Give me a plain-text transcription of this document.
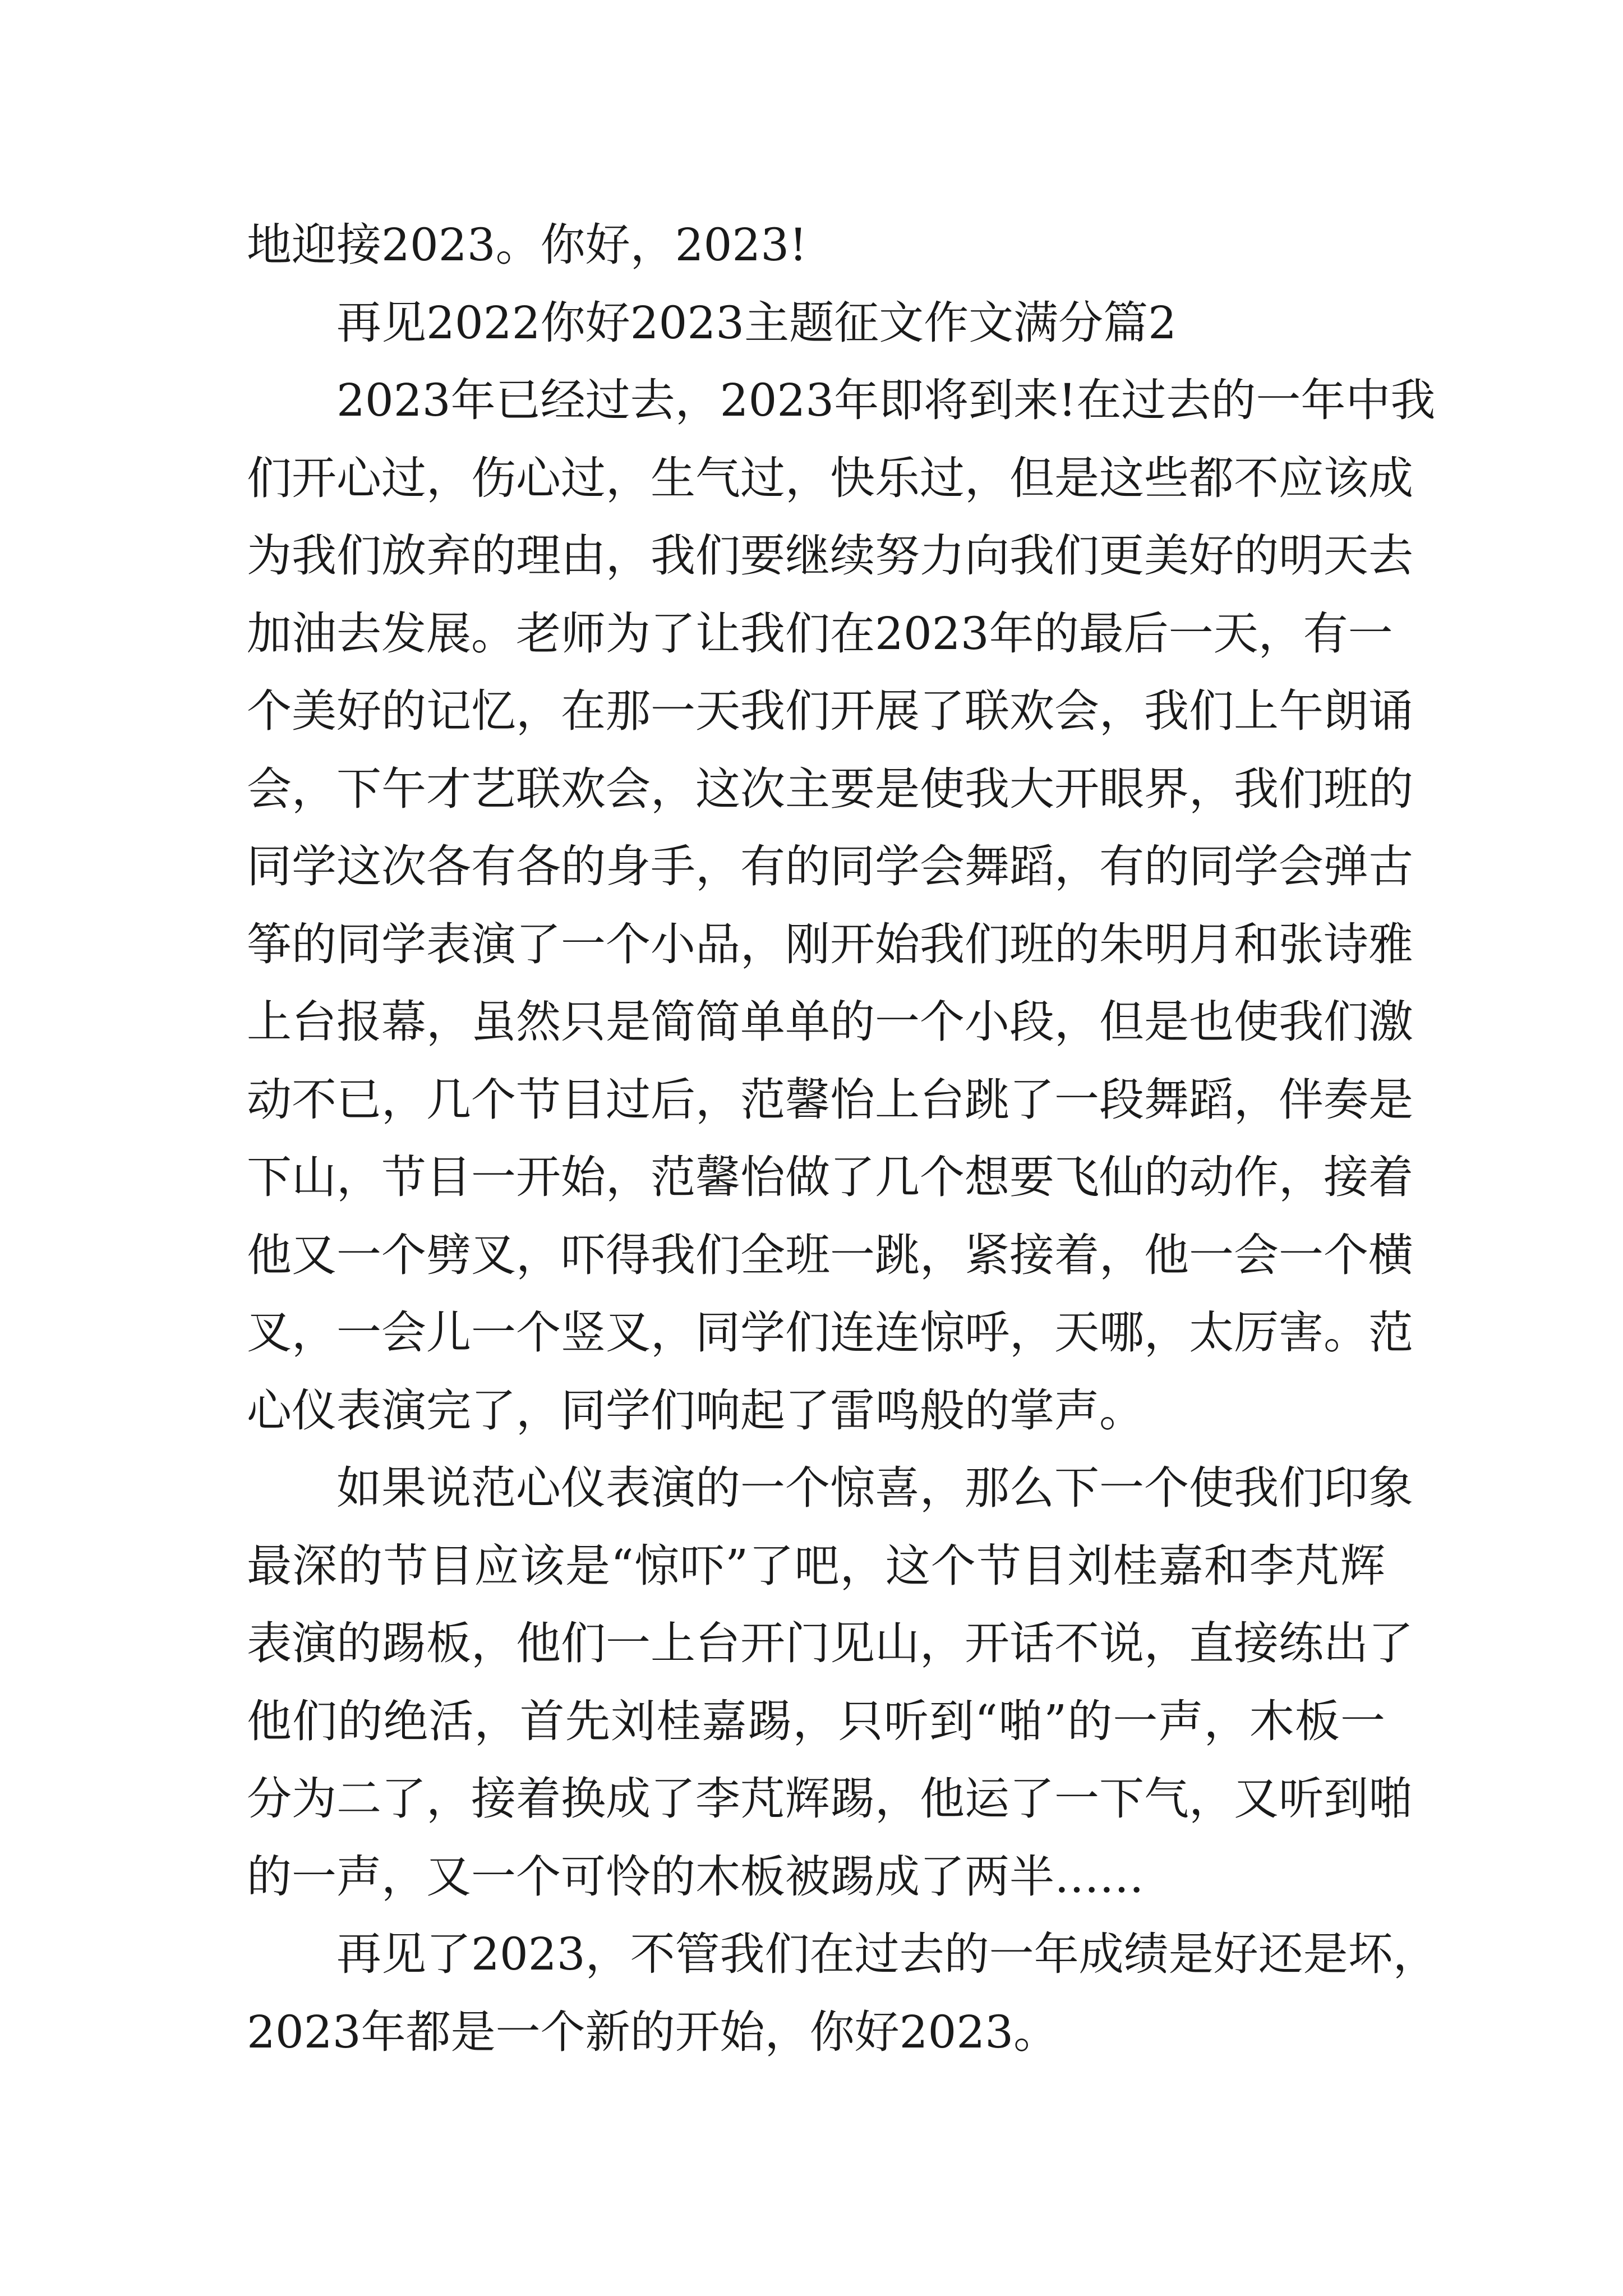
地迎接2023。你好，2023!
再见2022你好2023主题征文作文满分篇2
2023年已经过去，2023年即将到来!在过去的一年中我
们开心过，伤心过，生气过，快乐过，但是这些都不应该成
为我们放弃的理由，我们要继续努力向我们更美好的明天去
加油去发展。老师为了让我们在2023年的最后一天，有一
个美好的记忆，在那一天我们开展了联欢会，我们上午朗诵
会，下午才艺联欢会，这次主要是使我大开眼界，我们班的
同学这次各有各的身手，有的同学会舞蹈，有的同学会弹古
筝的同学表演了一个小品，刚开始我们班的朱明月和张诗雅
上台报幕，虽然只是简简单单的一个小段，但是也使我们激
动不已，几个节目过后，范馨怡上台跳了一段舞蹈，伴奏是
下山，节目一开始，范馨怡做了几个想要飞仙的动作，接着
他又一个劈叉，吓得我们全班一跳，紧接着，他一会一个横
叉，一会儿一个竖叉，同学们连连惊呼，天哪，太厉害。范
心仪表演完了，同学们响起了雷鸣般的掌声。
如果说范心仪表演的一个惊喜，那么下一个使我们印象
最深的节目应该是“惊吓”了吧，这个节目刘桂嘉和李芃辉
表演的踢板，他们一上台开门见山，开话不说，直接练出了
他们的绝活，首先刘桂嘉踢，只听到“啪”的一声，木板一
分为二了，接着换成了李芃辉踢，他运了一下气，又听到啪
的一声，又一个可怜的木板被踢成了两半……
再见了2023，不管我们在过去的一年成绩是好还是坏，
2023年都是一个新的开始，你好2023。
